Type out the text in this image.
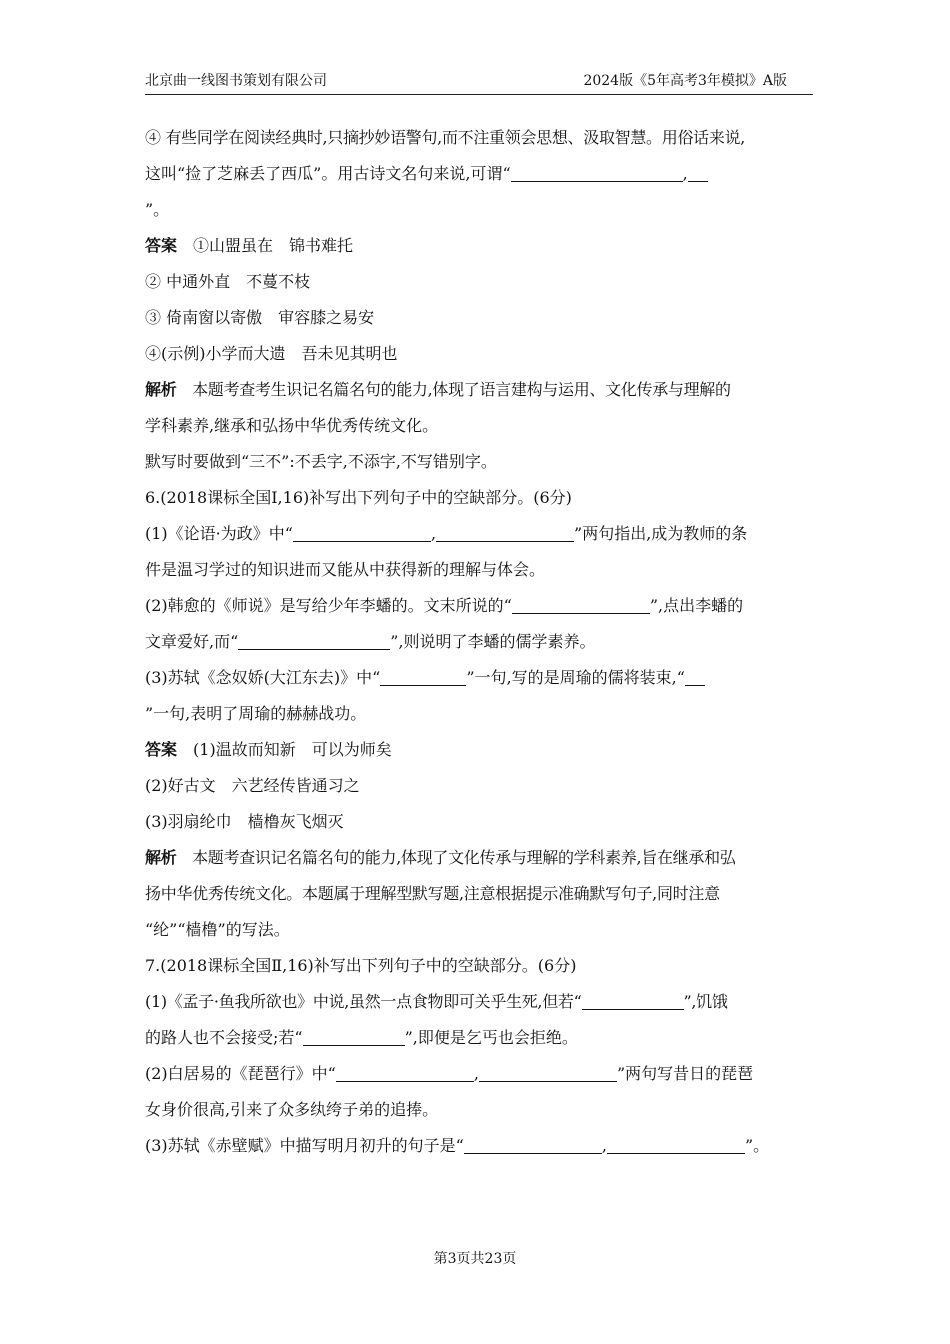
北京曲一线图书策划有限公司	2024版《5年高考3年模拟》A版
④ 有些同学在阅读经典时,只摘抄妙语警句,而不注重领会思想、汲取智慧。用俗话来说,
这叫“捡了芝麻丢了西瓜”。用古诗文名句来说,可谓“	,
”。
答案　 ①山盟虽在　锦书难托
② 中通外直　不蔓不枝
③ 倚南窗以寄傲　审容膝之易安
④(示例)小学而大遗　吾未见其明也
解析　 本题考查考生识记名篇名句的能力,体现了语言建构与运用、文化传承与理解的
学科素养,继承和弘扬中华优秀传统文化。
默写时要做到“三不”:不丢字,不添字,不写错别字。
6.(2018课标全国Ⅰ,16)补写出下列句子中的空缺部分。(6分)
(1)《论语·为政》中“	,	”两句指出,成为教师的条
件是温习学过的知识进而又能从中获得新的理解与体会。
(2)韩愈的《师说》是写给少年李蟠的。文末所说的“	”,点出李蟠的
文章爱好,而“	”,则说明了李蟠的儒学素养。
(3)苏轼《念奴娇(大江东去)》中“	”一句,写的是周瑜的儒将装束,“
”一句,表明了周瑜的赫赫战功。
答案　 (1)温故而知新　可以为师矣
(2)好古文　六艺经传皆通习之
(3)羽扇纶巾　樯橹灰飞烟灭
解析　 本题考查识记名篇名句的能力,体现了文化传承与理解的学科素养,旨在继承和弘
扬中华优秀传统文化。本题属于理解型默写题,注意根据提示准确默写句子,同时注意
“纶”“樯橹”的写法。
7.(2018课标全国Ⅱ,16)补写出下列句子中的空缺部分。(6分)
(1)《孟子·鱼我所欲也》中说,虽然一点食物即可关乎生死,但若“	”,饥饿
的路人也不会接受;若“	”,即便是乞丐也会拒绝。
(2)白居易的《琵琶行》中“	,	”两句写昔日的琵琶
女身价很高,引来了众多纨绔子弟的追捧。
(3)苏轼《赤壁赋》中描写明月初升的句子是“	,	”。
第3页共23页
